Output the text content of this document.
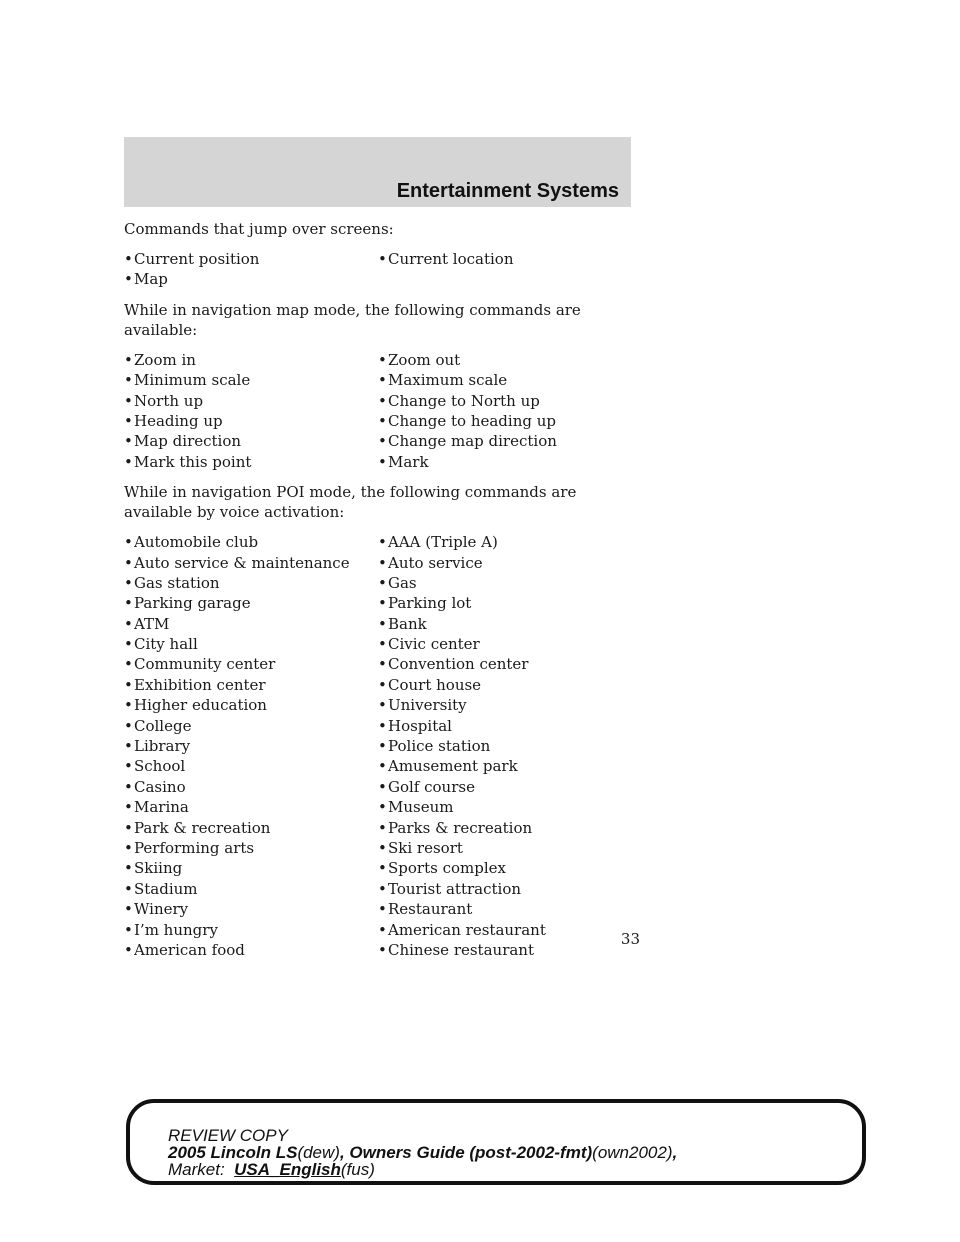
Entertainment Systems

Commands that jump over screens:

• Current position	• Current location
• Map

While in navigation map mode, the following commands are available:

• Zoom in	• Zoom out
• Minimum scale	• Maximum scale
• North up	• Change to North up
• Heading up	• Change to heading up
• Map direction	• Change map direction
• Mark this point	• Mark

While in navigation POI mode, the following commands are available by voice activation:

• Automobile club	• AAA (Triple A)
• Auto service & maintenance	• Auto service
• Gas station	• Gas
• Parking garage	• Parking lot
• ATM	• Bank
• City hall	• Civic center
• Community center	• Convention center
• Exhibition center	• Court house
• Higher education	• University
• College	• Hospital
• Library	• Police station
• School	• Amusement park
• Casino	• Golf course
• Marina	• Museum
• Park & recreation	• Parks & recreation
• Performing arts	• Ski resort
• Skiing	• Sports complex
• Stadium	• Tourist attraction
• Winery	• Restaurant
• I’m hungry	• American restaurant
• American food	• Chinese restaurant
33
REVIEW COPY
2005 Lincoln LS(dew), Owners Guide (post-2002-fmt)(own2002),
Market: USA_English(fus)
